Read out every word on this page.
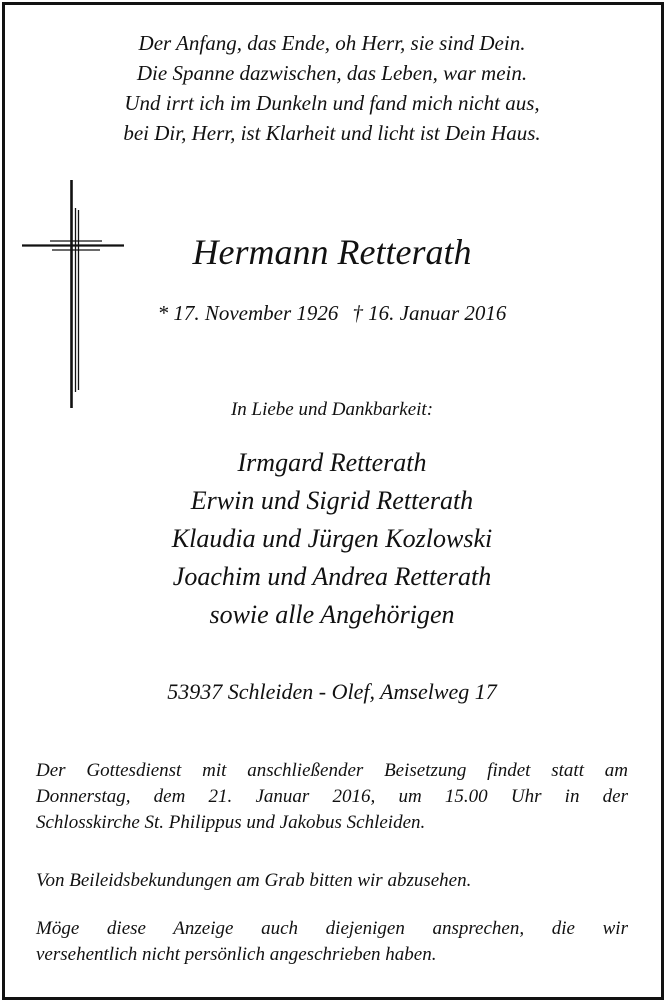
Der Anfang, das Ende, oh Herr, sie sind Dein.
Die Spanne dazwischen, das Leben, war mein.
Und irrt ich im Dunkeln und fand mich nicht aus,
bei Dir, Herr, ist Klarheit und licht ist Dein Haus.
Hermann Retterath
* 17. November 1926 † 16. Januar 2016
In Liebe und Dankbarkeit:
Irmgard Retterath
Erwin und Sigrid Retterath
Klaudia und Jürgen Kozlowski
Joachim und Andrea Retterath
sowie alle Angehörigen
53937 Schleiden - Olef, Amselweg 17
Der Gottesdienst mit anschließender Beisetzung findet statt am
Donnerstag, dem 21. Januar 2016, um 15.00 Uhr in der
Schlosskirche St. Philippus und Jakobus Schleiden.
Von Beileidsbekundungen am Grab bitten wir abzusehen.
Möge diese Anzeige auch diejenigen ansprechen, die wir
versehentlich nicht persönlich angeschrieben haben.
